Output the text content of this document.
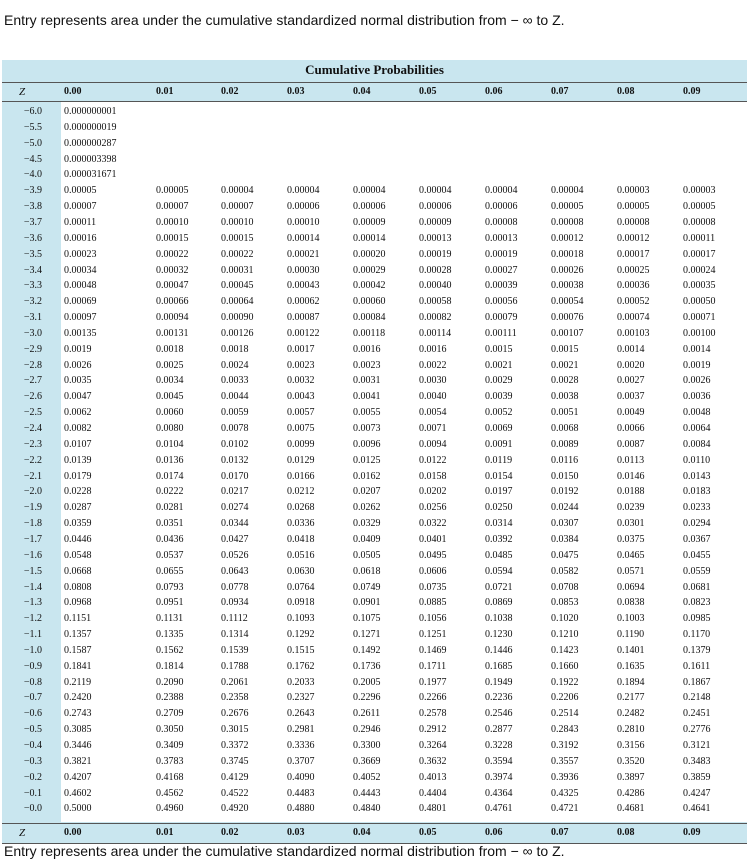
Entry represents area under the cumulative standardized normal distribution from − ∞ to Z.
Cumulative Probabilities
Z	0.00	0.01	0.02	0.03	0.04	0.05	0.06	0.07	0.08	0.09
−6.0 0.000000001
−5.5 0.000000019
−5.0 0.000000287
−4.5 0.000003398
−4.0 0.000031671
−3.9 0.00005	0.00005	0.00004	0.00004	0.00004	0.00004	0.00004	0.00004	0.00003	0.00003
−3.8 0.00007	0.00007	0.00007	0.00006	0.00006	0.00006	0.00006	0.00005	0.00005	0.00005
−3.7 0.00011	0.00010	0.00010	0.00010	0.00009	0.00009	0.00008	0.00008	0.00008	0.00008
−3.6 0.00016	0.00015	0.00015	0.00014	0.00014	0.00013	0.00013	0.00012	0.00012	0.00011
−3.5 0.00023	0.00022	0.00022	0.00021	0.00020	0.00019	0.00019	0.00018	0.00017	0.00017
−3.4 0.00034	0.00032	0.00031	0.00030	0.00029	0.00028	0.00027	0.00026	0.00025	0.00024
−3.3 0.00048	0.00047	0.00045	0.00043	0.00042	0.00040	0.00039	0.00038	0.00036	0.00035
−3.2 0.00069	0.00066	0.00064	0.00062	0.00060	0.00058	0.00056	0.00054	0.00052	0.00050
−3.1 0.00097	0.00094	0.00090	0.00087	0.00084	0.00082	0.00079	0.00076	0.00074	0.00071
−3.0 0.00135	0.00131	0.00126	0.00122	0.00118	0.00114	0.00111	0.00107	0.00103	0.00100
−2.9 0.0019	0.0018	0.0018	0.0017	0.0016	0.0016	0.0015	0.0015	0.0014	0.0014
−2.8 0.0026	0.0025	0.0024	0.0023	0.0023	0.0022	0.0021	0.0021	0.0020	0.0019
−2.7 0.0035	0.0034	0.0033	0.0032	0.0031	0.0030	0.0029	0.0028	0.0027	0.0026
−2.6 0.0047	0.0045	0.0044	0.0043	0.0041	0.0040	0.0039	0.0038	0.0037	0.0036
−2.5 0.0062	0.0060	0.0059	0.0057	0.0055	0.0054	0.0052	0.0051	0.0049	0.0048
−2.4 0.0082	0.0080	0.0078	0.0075	0.0073	0.0071	0.0069	0.0068	0.0066	0.0064
−2.3 0.0107	0.0104	0.0102	0.0099	0.0096	0.0094	0.0091	0.0089	0.0087	0.0084
−2.2 0.0139	0.0136	0.0132	0.0129	0.0125	0.0122	0.0119	0.0116	0.0113	0.0110
−2.1 0.0179	0.0174	0.0170	0.0166	0.0162	0.0158	0.0154	0.0150	0.0146	0.0143
−2.0 0.0228	0.0222	0.0217	0.0212	0.0207	0.0202	0.0197	0.0192	0.0188	0.0183
−1.9 0.0287	0.0281	0.0274	0.0268	0.0262	0.0256	0.0250	0.0244	0.0239	0.0233
−1.8 0.0359	0.0351	0.0344	0.0336	0.0329	0.0322	0.0314	0.0307	0.0301	0.0294
−1.7 0.0446	0.0436	0.0427	0.0418	0.0409	0.0401	0.0392	0.0384	0.0375	0.0367
−1.6 0.0548	0.0537	0.0526	0.0516	0.0505	0.0495	0.0485	0.0475	0.0465	0.0455
−1.5 0.0668	0.0655	0.0643	0.0630	0.0618	0.0606	0.0594	0.0582	0.0571	0.0559
−1.4 0.0808	0.0793	0.0778	0.0764	0.0749	0.0735	0.0721	0.0708	0.0694	0.0681
−1.3 0.0968	0.0951	0.0934	0.0918	0.0901	0.0885	0.0869	0.0853	0.0838	0.0823
−1.2 0.1151	0.1131	0.1112	0.1093	0.1075	0.1056	0.1038	0.1020	0.1003	0.0985
−1.1 0.1357	0.1335	0.1314	0.1292	0.1271	0.1251	0.1230	0.1210	0.1190	0.1170
−1.0 0.1587	0.1562	0.1539	0.1515	0.1492	0.1469	0.1446	0.1423	0.1401	0.1379
−0.9 0.1841	0.1814	0.1788	0.1762	0.1736	0.1711	0.1685	0.1660	0.1635	0.1611
−0.8 0.2119	0.2090	0.2061	0.2033	0.2005	0.1977	0.1949	0.1922	0.1894	0.1867
−0.7 0.2420	0.2388	0.2358	0.2327	0.2296	0.2266	0.2236	0.2206	0.2177	0.2148
−0.6 0.2743	0.2709	0.2676	0.2643	0.2611	0.2578	0.2546	0.2514	0.2482	0.2451
−0.5 0.3085	0.3050	0.3015	0.2981	0.2946	0.2912	0.2877	0.2843	0.2810	0.2776
−0.4 0.3446	0.3409	0.3372	0.3336	0.3300	0.3264	0.3228	0.3192	0.3156	0.3121
−0.3 0.3821	0.3783	0.3745	0.3707	0.3669	0.3632	0.3594	0.3557	0.3520	0.3483
−0.2 0.4207	0.4168	0.4129	0.4090	0.4052	0.4013	0.3974	0.3936	0.3897	0.3859
−0.1 0.4602	0.4562	0.4522	0.4483	0.4443	0.4404	0.4364	0.4325	0.4286	0.4247
−0.0 0.5000	0.4960	0.4920	0.4880	0.4840	0.4801	0.4761	0.4721	0.4681	0.4641
Z	0.00	0.01	0.02	0.03	0.04	0.05	0.06	0.07	0.08	0.09
Entry represents area under the cumulative standardized normal distribution from − ∞ to Z.
